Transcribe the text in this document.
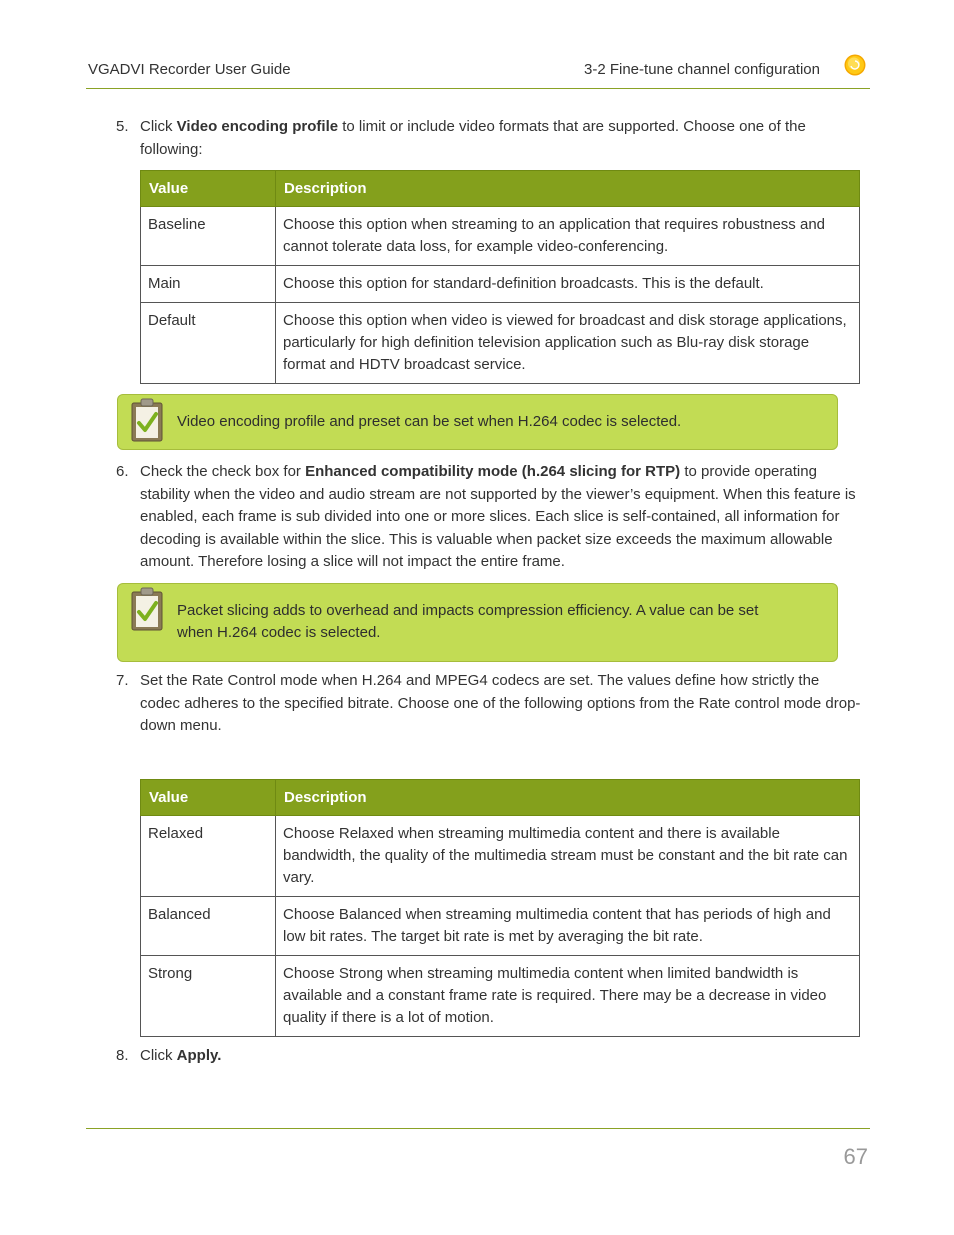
VGADVI Recorder User Guide	3-2 Fine-tune channel configuration
5. Click Video encoding profile to limit or include video formats that are supported. Choose one of the following:
Value	Description
Baseline	Choose this option when streaming to an application that requires robustness and cannot tolerate data loss, for example video-conferencing.
Main	Choose this option for standard-definition broadcasts. This is the default.
Default	Choose this option when video is viewed for broadcast and disk storage applications, particularly for high definition television application such as Blu-ray disk storage format and HDTV broadcast service.
Video encoding profile and preset can be set when H.264 codec is selected.
6. Check the check box for Enhanced compatibility mode (h.264 slicing for RTP) to provide operating stability when the video and audio stream are not supported by the viewer’s equipment. When this feature is enabled, each frame is sub divided into one or more slices. Each slice is self-contained, all information for decoding is available within the slice. This is valuable when packet size exceeds the maximum allowable amount. Therefore losing a slice will not impact the entire frame.
Packet slicing adds to overhead and impacts compression efficiency. A value can be set
when H.264 codec is selected.
7. Set the Rate Control mode when H.264 and MPEG4 codecs are set. The values define how strictly the codec adheres to the specified bitrate. Choose one of the following options from the Rate control mode drop-down menu.
Value	Description
Relaxed	Choose Relaxed when streaming multimedia content and there is available bandwidth, the quality of the multimedia stream must be constant and the bit rate can vary.
Balanced	Choose Balanced when streaming multimedia content that has periods of high and low bit rates. The target bit rate is met by averaging the bit rate.
Strong	Choose Strong when streaming multimedia content when limited bandwidth is available and a constant frame rate is required. There may be a decrease in video quality if there is a lot of motion.
8. Click Apply.
67
